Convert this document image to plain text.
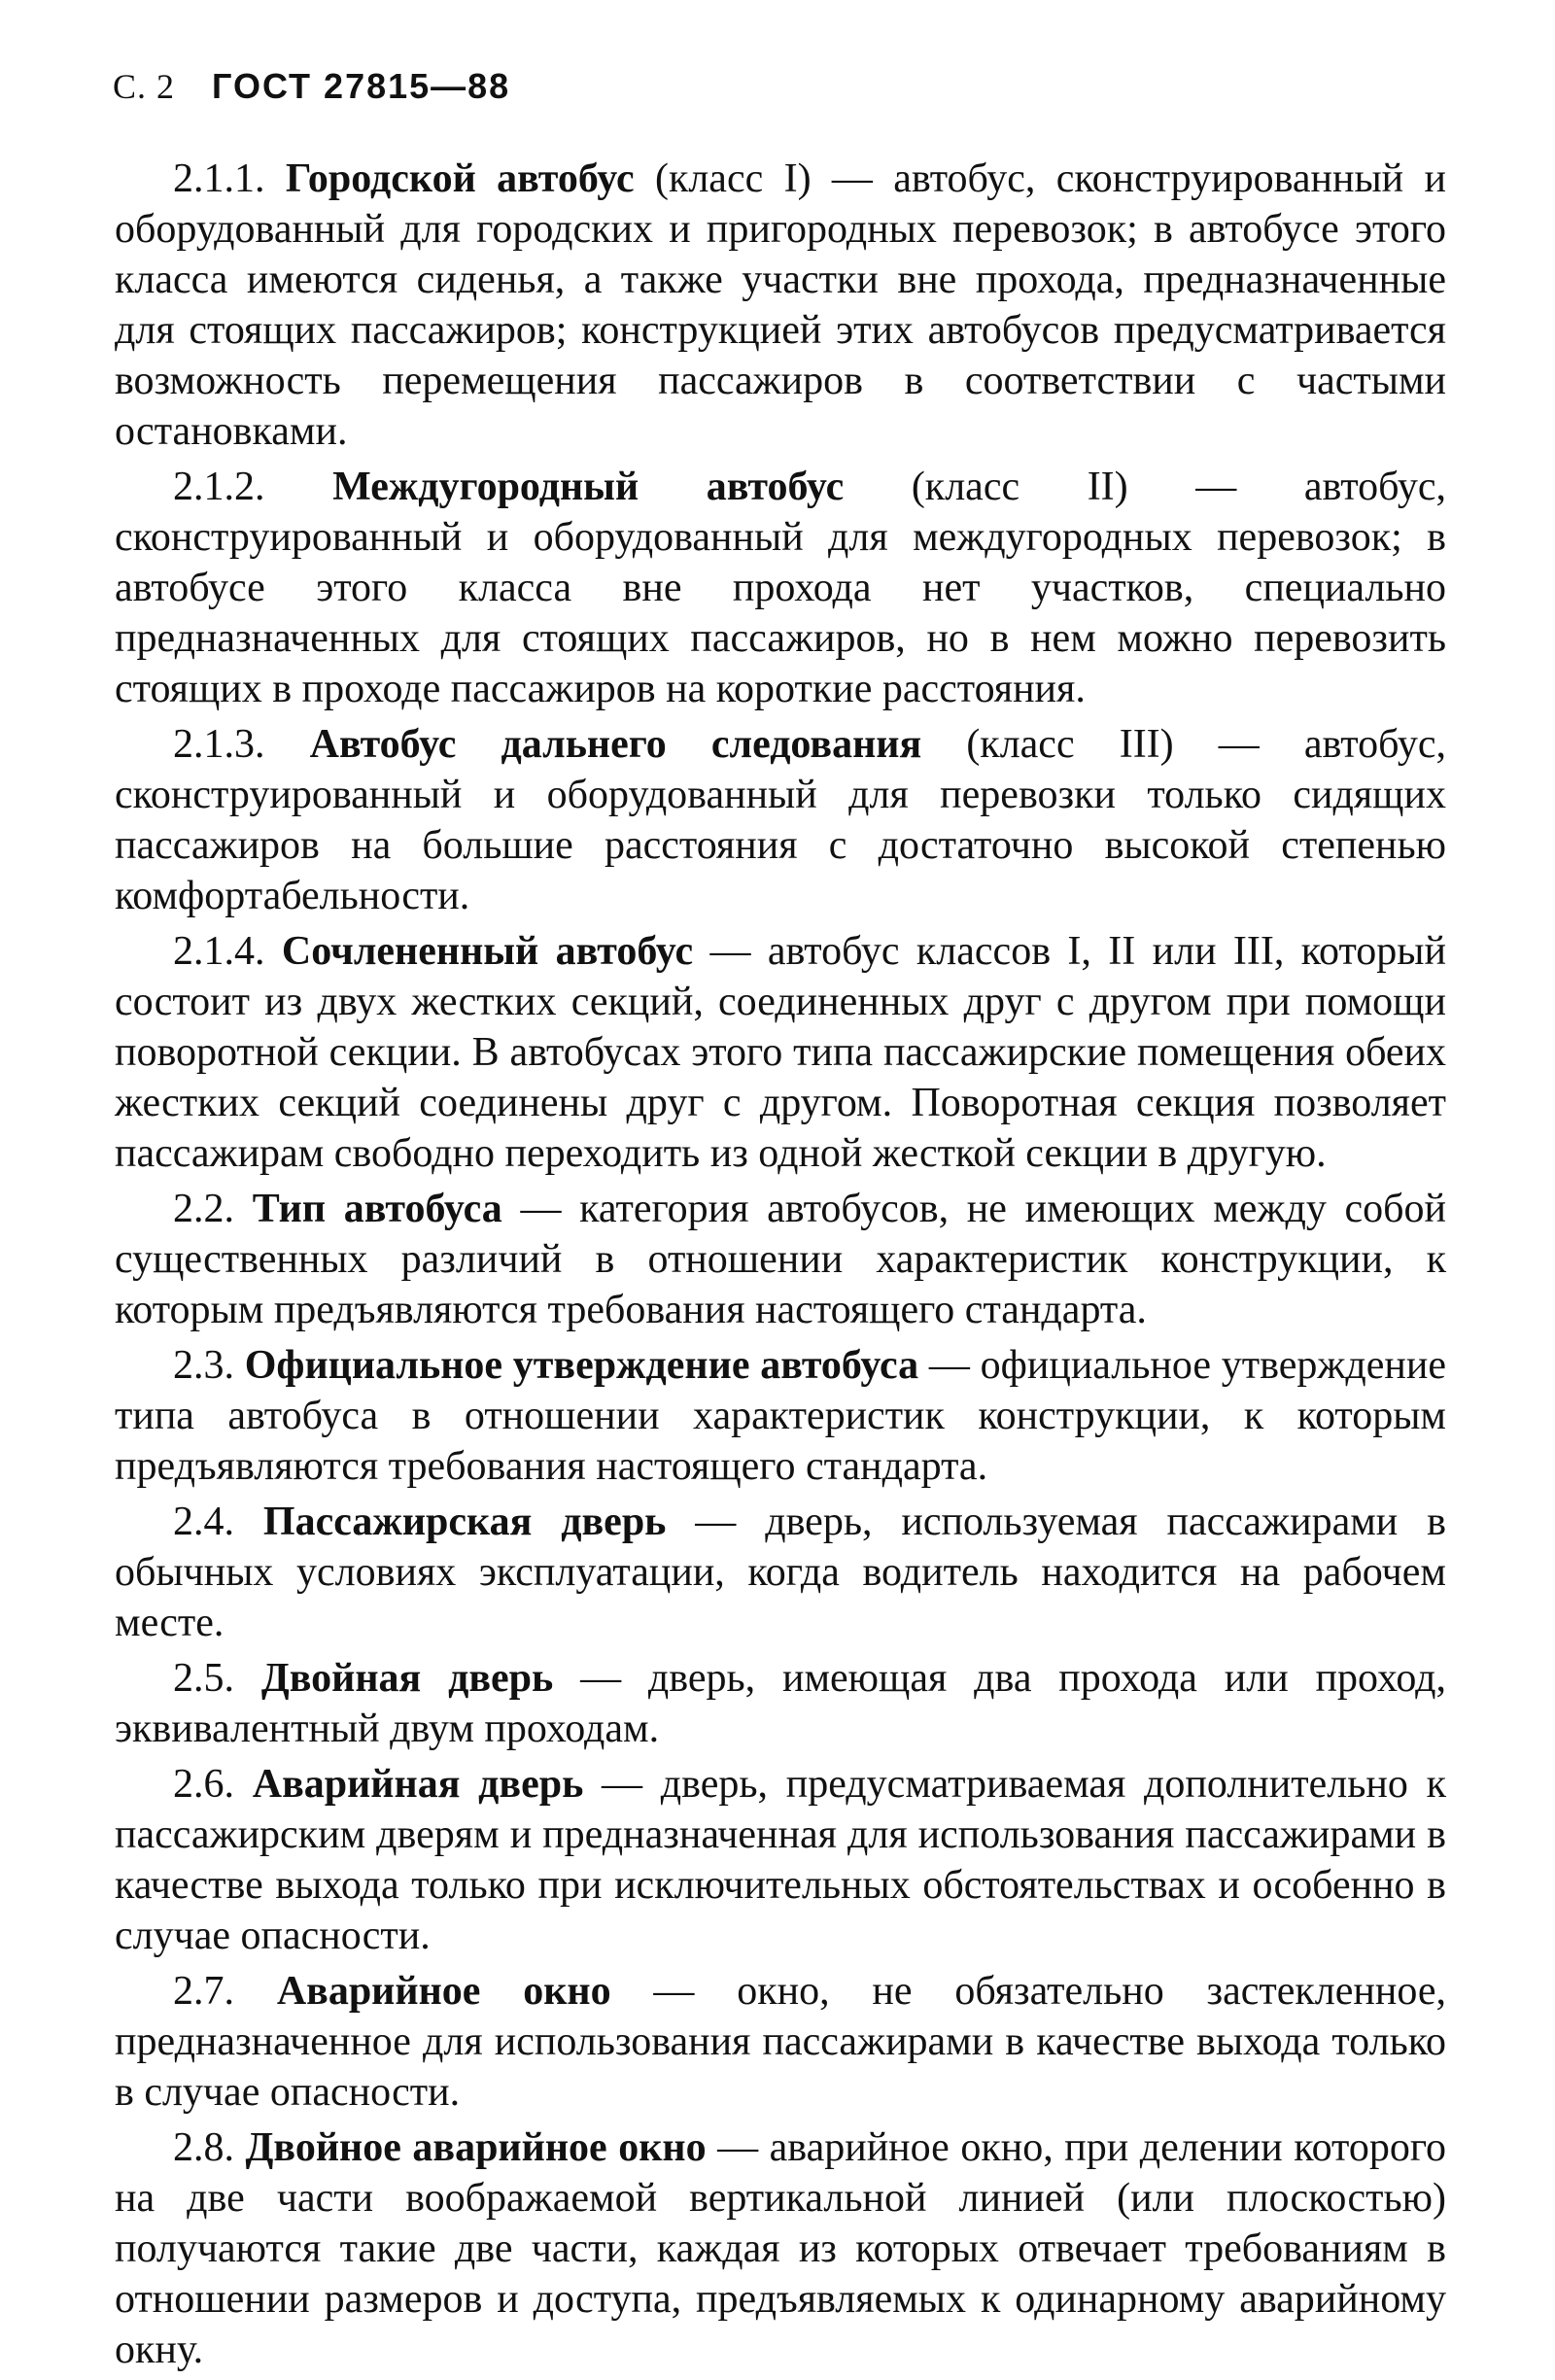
С. 2 ГОСТ 27815—88

2.1.1. Городской автобус (класс I) — автобус, сконструированный и оборудованный для городских и пригородных перевозок; в автобусе этого класса имеются сиденья, а также участки вне прохода, предназначенные для стоящих пассажиров; конструкцией этих автобусов предусматривается возможность перемещения пассажиров в соответствии с частыми остановками.

2.1.2. Междугородный автобус (класс II) — автобус, сконструированный и оборудованный для междугородных перевозок; в автобусе этого класса вне прохода нет участков, специально предназначенных для стоящих пассажиров, но в нем можно перевозить стоящих в проходе пассажиров на короткие расстояния.

2.1.3. Автобус дальнего следования (класс III) — автобус, сконструированный и оборудованный для перевозки только сидящих пассажиров на большие расстояния с достаточно высокой степенью комфортабельности.

2.1.4. Сочлененный автобус — автобус классов I, II или III, который состоит из двух жестких секций, соединенных друг с другом при помощи поворотной секции. В автобусах этого типа пассажирские помещения обеих жестких секций соединены друг с другом. Поворотная секция позволяет пассажирам свободно переходить из одной жесткой секции в другую.

2.2. Тип автобуса — категория автобусов, не имеющих между собой существенных различий в отношении характеристик конструкции, к которым предъявляются требования настоящего стандарта.

2.3. Официальное утверждение автобуса — официальное утверждение типа автобуса в отношении характеристик конструкции, к которым предъявляются требования настоящего стандарта.

2.4. Пассажирская дверь — дверь, используемая пассажирами в обычных условиях эксплуатации, когда водитель находится на рабочем месте.

2.5. Двойная дверь — дверь, имеющая два прохода или проход, эквивалентный двум проходам.

2.6. Аварийная дверь — дверь, предусматриваемая дополнительно к пассажирским дверям и предназначенная для использования пассажирами в качестве выхода только при исключительных обстоятельствах и особенно в случае опасности.

2.7. Аварийное окно — окно, не обязательно застекленное, предназначенное для использования пассажирами в качестве выхода только в случае опасности.

2.8. Двойное аварийное окно — аварийное окно, при делении которого на две части воображаемой вертикальной линией (или плоскостью) получаются такие две части, каждая из которых отвечает требованиям в отношении размеров и доступа, предъявляемых к одинарному аварийному окну.
